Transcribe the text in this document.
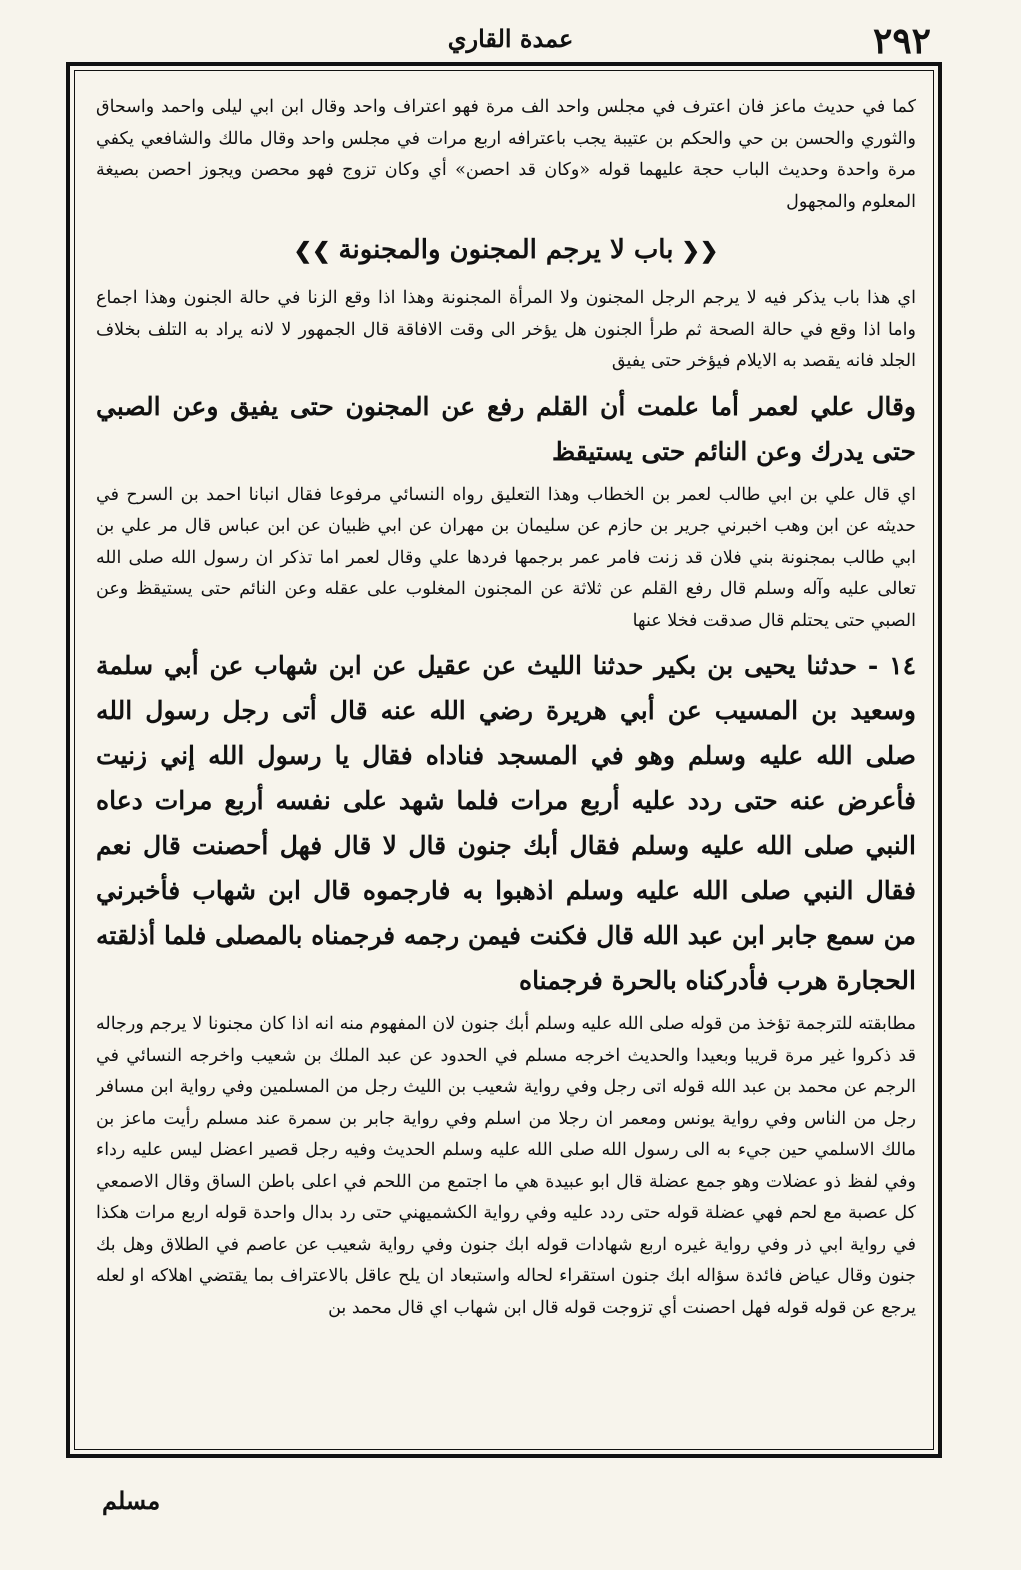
٢٩٢
عمدة القاري

كما في حديث ماعز فان اعترف في مجلس واحد الف مرة فهو اعتراف واحد وقال ابن ابي ليلى واحمد واسحاق والثوري والحسن بن حي والحكم بن عتيبة يجب باعترافه اربع مرات في مجلس واحد وقال مالك والشافعي يكفي مرة واحدة وحديث الباب حجة عليهما قوله «وكان قد احصن» أي وكان تزوج فهو محصن ويجوز احصن بصيغة المعلوم والمجهول

❮❮باب لا يرجم المجنون والمجنونة❯❯

اي هذا باب يذكر فيه لا يرجم الرجل المجنون ولا المرأة المجنونة وهذا اذا وقع الزنا في حالة الجنون وهذا اجماع واما اذا وقع في حالة الصحة ثم طرأ الجنون هل يؤخر الى وقت الافاقة قال الجمهور لا لانه يراد به التلف بخلاف الجلد فانه يقصد به الايلام فيؤخر حتى يفيق

وقال علي لعمر أما علمت أن القلم رفع عن المجنون حتى يفيق وعن الصبي حتى يدرك وعن النائم حتى يستيقظ

اي قال علي بن ابي طالب لعمر بن الخطاب وهذا التعليق رواه النسائي مرفوعا فقال انبانا احمد بن السرح في حديثه عن ابن وهب اخبرني جرير بن حازم عن سليمان بن مهران عن ابي ظبيان عن ابن عباس قال مر علي بن ابي طالب بمجنونة بني فلان قد زنت فامر عمر برجمها فردها علي وقال لعمر اما تذكر ان رسول الله صلى الله تعالى عليه وآله وسلم قال رفع القلم عن ثلاثة عن المجنون المغلوب على عقله وعن النائم حتى يستيقظ وعن الصبي حتى يحتلم قال صدقت فخلا عنها

١٤ - حدثنا يحيى بن بكير حدثنا الليث عن عقيل عن ابن شهاب عن أبي سلمة وسعيد بن المسيب عن أبي هريرة رضي الله عنه قال أتى رجل رسول الله صلى الله عليه وسلم وهو في المسجد فناداه فقال يا رسول الله إني زنيت فأعرض عنه حتى ردد عليه أربع مرات فلما شهد على نفسه أربع مرات دعاه النبي صلى الله عليه وسلم فقال أبك جنون قال لا قال فهل أحصنت قال نعم فقال النبي صلى الله عليه وسلم اذهبوا به فارجموه قال ابن شهاب فأخبرني من سمع جابر ابن عبد الله قال فكنت فيمن رجمه فرجمناه بالمصلى فلما أذلقته الحجارة هرب فأدركناه بالحرة فرجمناه

مطابقته للترجمة تؤخذ من قوله صلى الله عليه وسلم أبك جنون لان المفهوم منه انه اذا كان مجنونا لا يرجم ورجاله قد ذكروا غير مرة قريبا وبعيدا والحديث اخرجه مسلم في الحدود عن عبد الملك بن شعيب واخرجه النسائي في الرجم عن محمد بن عبد الله قوله اتى رجل وفي رواية شعيب بن الليث رجل من المسلمين وفي رواية ابن مسافر رجل من الناس وفي رواية يونس ومعمر ان رجلا من اسلم وفي رواية جابر بن سمرة عند مسلم رأيت ماعز بن مالك الاسلمي حين جيء به الى رسول الله صلى الله عليه وسلم الحديث وفيه رجل قصير اعضل ليس عليه رداء وفي لفظ ذو عضلات وهو جمع عضلة قال ابو عبيدة هي ما اجتمع من اللحم في اعلى باطن الساق وقال الاصمعي كل عصبة مع لحم فهي عضلة قوله حتى ردد عليه وفي رواية الكشميهني حتى رد بدال واحدة قوله اربع مرات هكذا في رواية ابي ذر وفي رواية غيره اربع شهادات قوله ابك جنون وفي رواية شعيب عن عاصم في الطلاق وهل بك جنون وقال عياض فائدة سؤاله ابك جنون استقراء لحاله واستبعاد ان يلح عاقل بالاعتراف بما يقتضي اهلاكه او لعله يرجع عن قوله قوله فهل احصنت أي تزوجت قوله قال ابن شهاب اي قال محمد بن

مسلم
